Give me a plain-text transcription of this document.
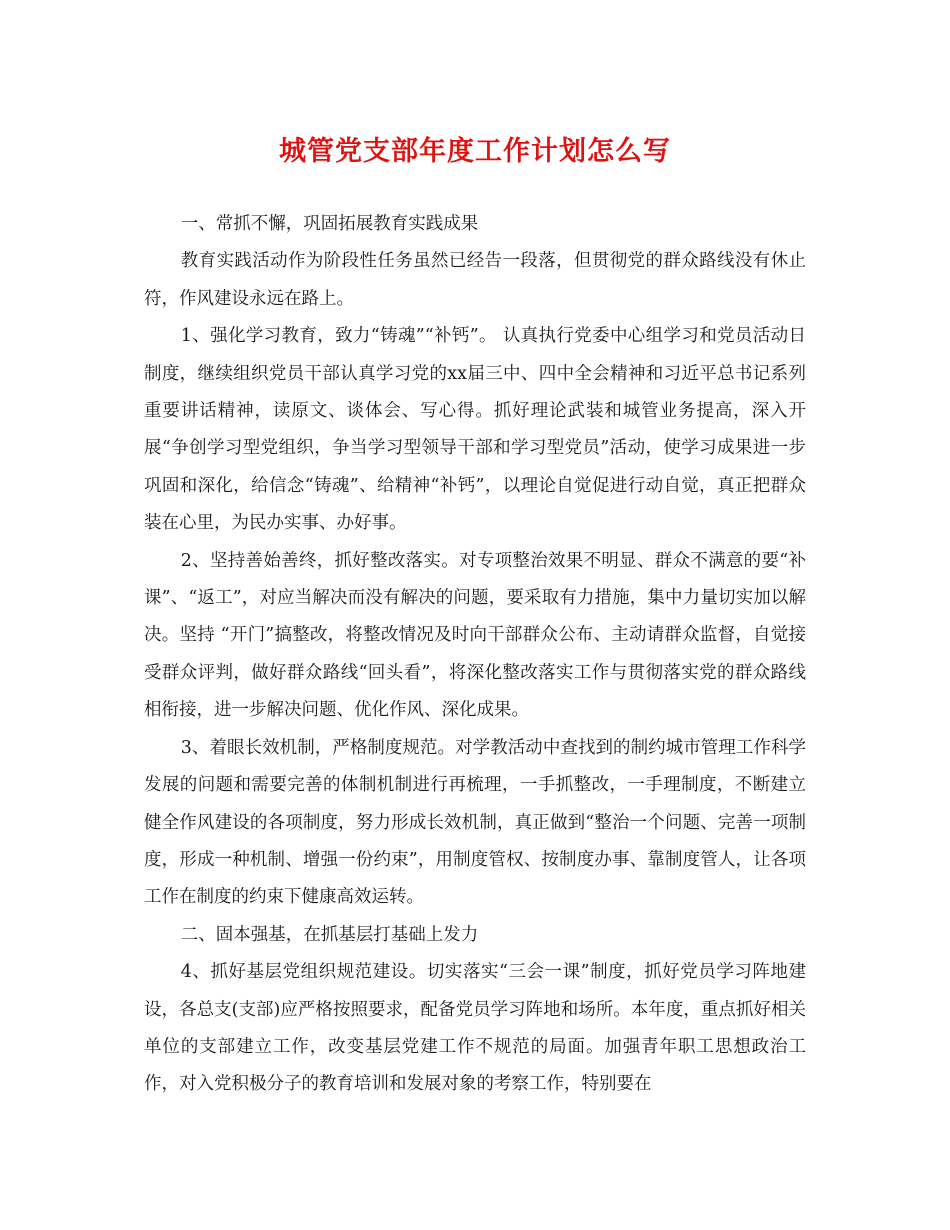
城管党支部年度工作计划怎么写

一、常抓不懈，巩固拓展教育实践成果

教育实践活动作为阶段性任务虽然已经告一段落，但贯彻党的群众路线没有休止符，作风建设永远在路上。

1、强化学习教育，致力“铸魂”“补钙”。 认真执行党委中心组学习和党员活动日制度，继续组织党员干部认真学习党的xx届三中、四中全会精神和习近平总书记系列重要讲话精神，读原文、谈体会、写心得。抓好理论武装和城管业务提高，深入开展“争创学习型党组织，争当学习型领导干部和学习型党员”活动，使学习成果进一步巩固和深化，给信念“铸魂”、给精神“补钙”，以理论自觉促进行动自觉，真正把群众装在心里，为民办实事、办好事。

2、坚持善始善终，抓好整改落实。对专项整治效果不明显、群众不满意的要“补课”、“返工”，对应当解决而没有解决的问题，要采取有力措施，集中力量切实加以解决。坚持 “开门”搞整改，将整改情况及时向干部群众公布、主动请群众监督，自觉接受群众评判，做好群众路线“回头看”，将深化整改落实工作与贯彻落实党的群众路线相衔接，进一步解决问题、优化作风、深化成果。

3、着眼长效机制，严格制度规范。对学教活动中查找到的制约城市管理工作科学发展的问题和需要完善的体制机制进行再梳理，一手抓整改，一手理制度，不断建立健全作风建设的各项制度，努力形成长效机制，真正做到“整治一个问题、完善一项制度，形成一种机制、增强一份约束”，用制度管权、按制度办事、靠制度管人，让各项工作在制度的约束下健康高效运转。

二、固本强基，在抓基层打基础上发力

4、抓好基层党组织规范建设。切实落实“三会一课”制度，抓好党员学习阵地建设，各总支(支部)应严格按照要求，配备党员学习阵地和场所。本年度，重点抓好相关单位的支部建立工作，改变基层党建工作不规范的局面。加强青年职工思想政治工作，对入党积极分子的教育培训和发展对象的考察工作，特别要在
